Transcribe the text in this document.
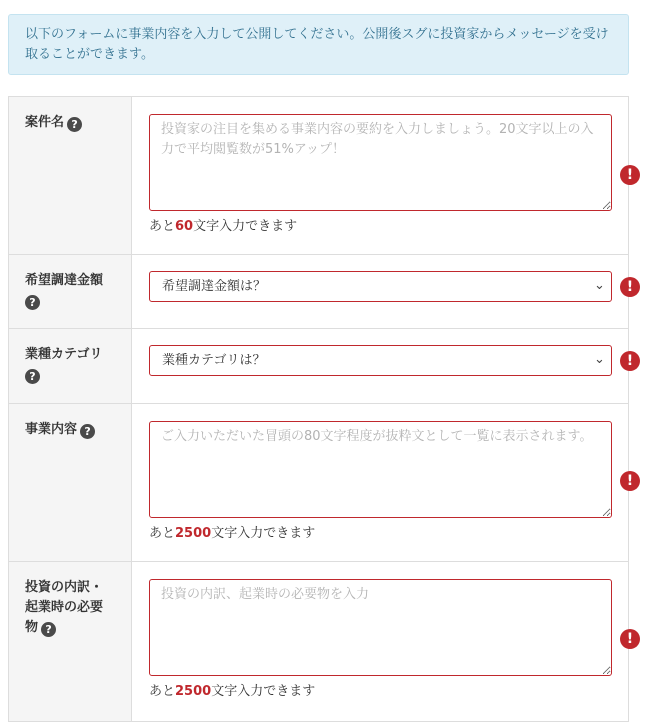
以下のフォームに事業内容を入力して公開してください。公開後スグに投資家からメッセージを受け取ることができます。
案件名 ?	
投資家の注目を集める事業内容の要約を入力しましょう。20文字以上の入力で平均閲覧数が51%アップ！
!
あと60文字入力できます

希望調達金額
?	
希望調達金額は？
⌄ !

業種カテゴリ
?	
業種カテゴリは？
⌄ !

事業内容 ?	
ご入力いただいた冒頭の80文字程度が抜粋文として一覧に表示されます。
!
あと2500文字入力できます

投資の内訳・
起業時の必要
物 ?	
投資の内訳、起業時の必要物を入力
!
あと2500文字入力できます
